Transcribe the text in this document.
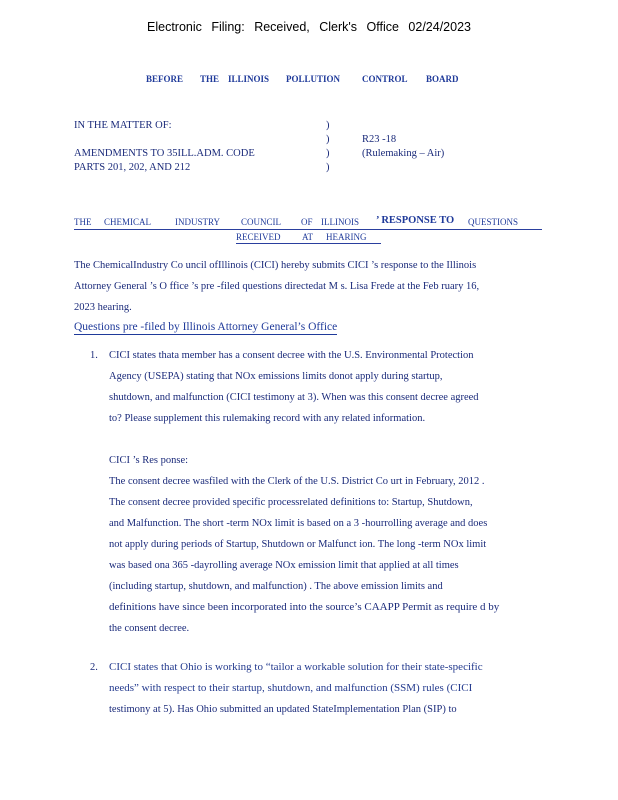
Electronic Filing: Received, Clerk's Office 02/24/2023
BEFORE THE ILLINOIS POLLUTION CONTROL BOARD
IN THE MATTER OF:
AMENDMENTS TO 35ILL.ADM. CODE
PARTS 201, 202, AND 212
)
)
)
)
R23 -18
(Rulemaking – Air)
THE CHEMICAL	INDUSTRY COUNCIL OF ILLINOIS ’ RESPONSE TO QUESTIONS
RECEIVED AT HEARING
The ChemicalIndustry Co uncil ofIllinois (CICI) hereby submits CICI ’s response to the Illinois
Attorney General ’s O ffice ’s pre -filed questions directedat M s. Lisa Frede at the Feb ruary 16,
2023 hearing.
Questions pre -filed by Illinois Attorney General’s Office
1. CICI states thata member has a consent decree with the U.S. Environmental Protection
Agency (USEPA) stating that NOx emissions limits donot apply during startup,
shutdown, and malfunction (CICI testimony at 3). When was this consent decree agreed
to? Please supplement this rulemaking record with any related information.
CICI ’s Res ponse:
The consent decree wasfiled with the Clerk of the U.S. District Co urt in February, 2012 .
The consent decree provided specific processrelated definitions to: Startup, Shutdown,
and Malfunction. The short -term NOx limit is based on a 3 -hourrolling average and does
not apply during periods of Startup, Shutdown or Malfunct ion. The long -term NOx limit
was based ona 365 -dayrolling average NOx emission limit that applied at all times
(including startup, shutdown, and malfunction) . The above emission limits and
definitions have since been incorporated into the source’s CAAPP Permit as require d by
the consent decree.
2. CICI states that Ohio is working to “tailor a workable solution for their state-specific
needs” with respect to their startup, shutdown, and malfunction (SSM) rules (CICI
testimony at 5). Has Ohio submitted an updated StateImplementation Plan (SIP) to
